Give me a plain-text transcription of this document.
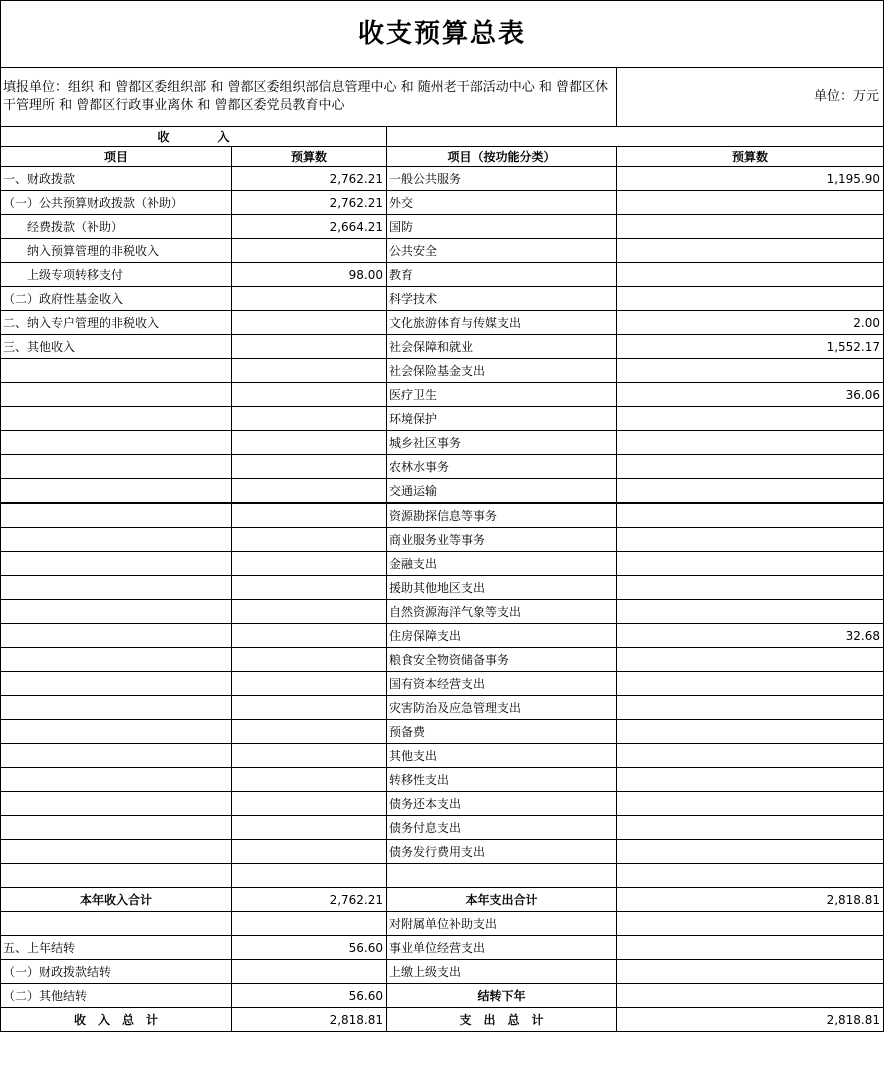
收支预算总表			
填报单位：组织 和 曾都区委组织部 和 曾都区委组织部信息管理中心 和 随州老干部活动中心 和 曾都区休干管理所 和 曾都区行政事业离休 和 曾都区委党员教育中心			单位：万元
收　　　　入			
项目	预算数	项目（按功能分类）	预算数
一、财政拨款	2,762.21	一般公共服务	1,195.90
（一）公共预算财政拨款（补助）	2,762.21	外交	
　　经费拨款（补助）	2,664.21	国防	
　　纳入预算管理的非税收入		公共安全	
　　上级专项转移支付	98.00	教育	
（二）政府性基金收入		科学技术	
二、纳入专户管理的非税收入		文化旅游体育与传媒支出	2.00
三、其他收入		社会保障和就业	1,552.17
		社会保险基金支出	
		医疗卫生	36.06
		环境保护	
		城乡社区事务	
		农林水事务	
		交通运输	
		资源勘探信息等事务	
		商业服务业等事务	
		金融支出	
		援助其他地区支出	
		自然资源海洋气象等支出	
		住房保障支出	32.68
		粮食安全物资储备事务	
		国有资本经营支出	
		灾害防治及应急管理支出	
		预备费	
		其他支出	
		转移性支出	
		债务还本支出	
		债务付息支出	
		债务发行费用支出	

本年收入合计	2,762.21	本年支出合计	2,818.81
		对附属单位补助支出	
五、上年结转	56.60	事业单位经营支出	
（一）财政拨款结转		上缴上级支出	
（二）其他结转	56.60	结转下年	
收　入　总　计	2,818.81	支　出　总　计	2,818.81
